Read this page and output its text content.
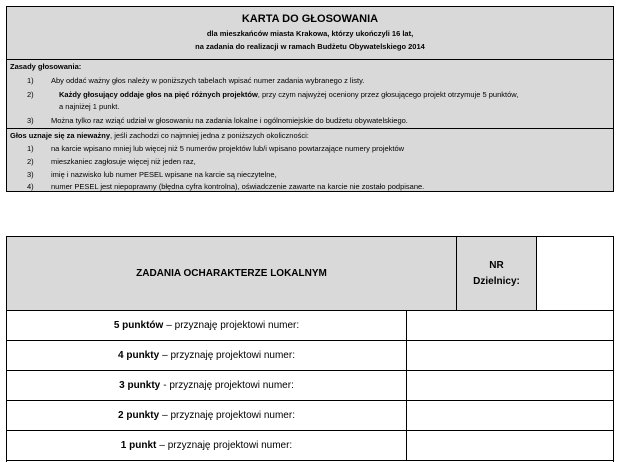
KARTA DO GŁOSOWANIA
dla mieszkańców miasta Krakowa, którzy ukończyli 16 lat,
na zadania do realizacji w ramach Budżetu Obywatelskiego 2014
Zasady głosowania:
1) Aby oddać ważny głos należy w poniższych tabelach wpisać numer zadania wybranego z listy.
2)	Każdy głosujący oddaje głos na pięć różnych projektów, przy czym najwyżej oceniony przez głosującego projekt otrzymuje 5 punktów,
a najniżej 1 punkt.
3) Można tylko raz wziąć udział w głosowaniu na zadania lokalne i ogólnomiejskie do budżetu obywatelskiego.
Głos uznaje się za nieważny, jeśli zachodzi co najmniej jedna z poniższych okoliczności:
1) na karcie wpisano mniej lub więcej niż 5 numerów projektów lub/i wpisano powtarzające numery projektów
2) mieszkaniec zagłosuje więcej niż jeden raz,
3) imię i nazwisko lub numer PESEL wpisane na karcie są nieczytelne,
4) numer PESEL jest niepoprawny (błędna cyfra kontrolna), oświadczenie zawarte na karcie nie zostało podpisane.
ZADANIA OCHARAKTERZE LOKALNYM
NR
Dzielnicy:
5 punktów – przyznaję projektowi numer:
4 punkty – przyznaję projektowi numer:
3 punkty - przyznaję projektowi numer:
2 punkty – przyznaję projektowi numer:
1 punkt – przyznaję projektowi numer:
